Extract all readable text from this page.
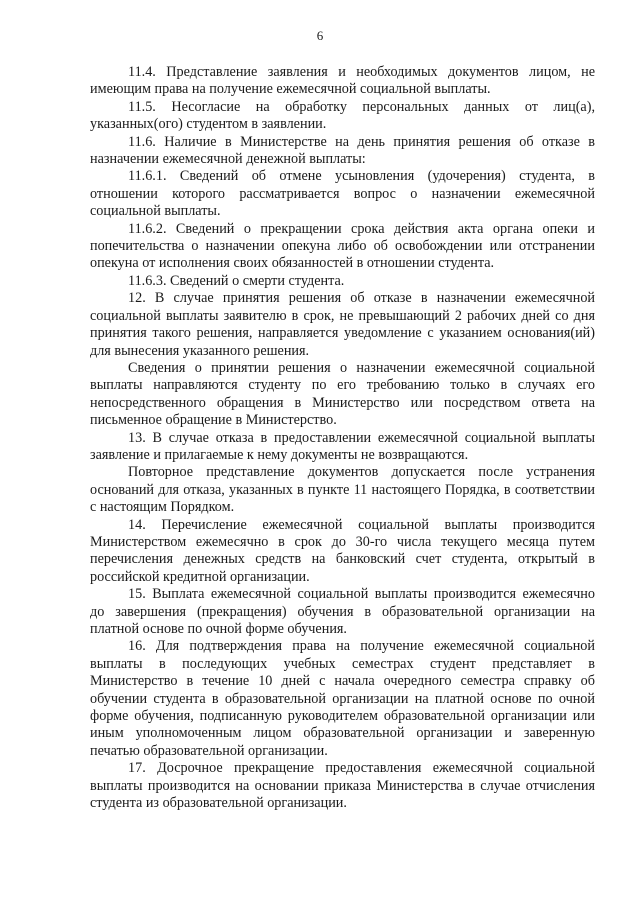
6

11.4. Представление заявления и необходимых документов лицом, не имеющим права на получение ежемесячной социальной выплаты.

11.5. Несогласие на обработку персональных данных от лиц(а), указанных(ого) студентом в заявлении.

11.6. Наличие в Министерстве на день принятия решения об отказе в назначении ежемесячной денежной выплаты:

11.6.1. Сведений об отмене усыновления (удочерения) студента, в отношении которого рассматривается вопрос о назначении ежемесячной социальной выплаты.

11.6.2. Сведений о прекращении срока действия акта органа опеки и попечительства о назначении опекуна либо об освобождении или отстранении опекуна от исполнения своих обязанностей в отношении студента.

11.6.3. Сведений о смерти студента.

12. В случае принятия решения об отказе в назначении ежемесячной социальной выплаты заявителю в срок, не превышающий 2 рабочих дней со дня принятия такого решения, направляется уведомление с указанием основания(ий) для вынесения указанного решения.

Сведения о принятии решения о назначении ежемесячной социальной выплаты направляются студенту по его требованию только в случаях его непосредственного обращения в Министерство или посредством ответа на письменное обращение в Министерство.

13. В случае отказа в предоставлении ежемесячной социальной выплаты заявление и прилагаемые к нему документы не возвращаются.

Повторное представление документов допускается после устранения оснований для отказа, указанных в пункте 11 настоящего Порядка, в соответствии с настоящим Порядком.

14. Перечисление ежемесячной социальной выплаты производится Министерством ежемесячно в срок до 30-го числа текущего месяца путем перечисления денежных средств на банковский счет студента, открытый в российской кредитной организации.

15. Выплата ежемесячной социальной выплаты производится ежемесячно до завершения (прекращения) обучения в образовательной организации на платной основе по очной форме обучения.

16. Для подтверждения права на получение ежемесячной социальной выплаты в последующих учебных семестрах студент представляет в Министерство в течение 10 дней с начала очередного семестра справку об обучении студента в образовательной организации на платной основе по очной форме обучения, подписанную руководителем образовательной организации или иным уполномоченным лицом образовательной организации и заверенную печатью образовательной организации.

17. Досрочное прекращение предоставления ежемесячной социальной выплаты производится на основании приказа Министерства в случае отчисления студента из образовательной организации.
